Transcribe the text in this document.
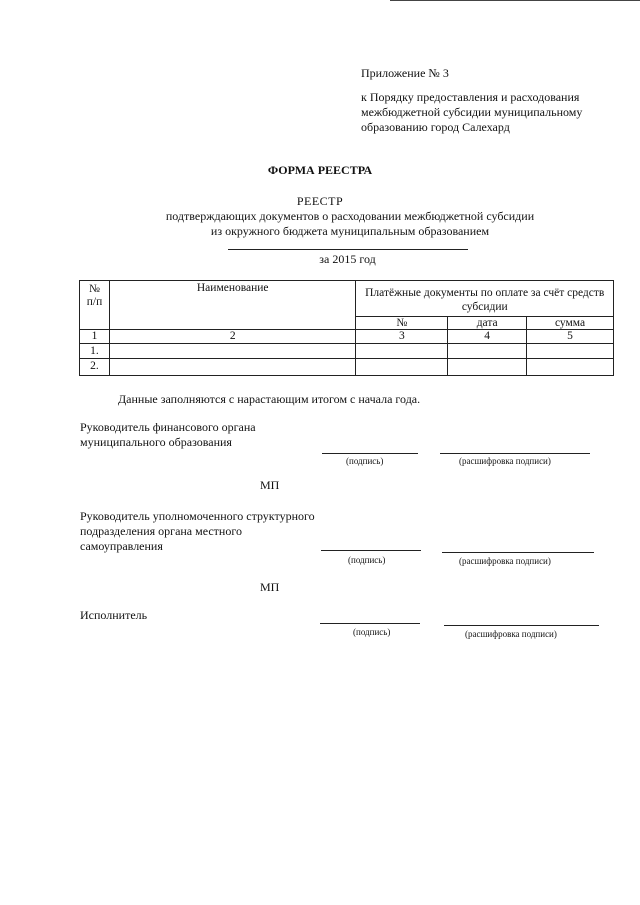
Приложение № 3
к Порядку предоставления и расходования
межбюджетной субсидии муниципальному
образованию город Салехард
ФОРМА РЕЕСТРА
РЕЕСТР
подтверждающих документов о расходовании межбюджетной субсидии
из окружного бюджета муниципальным образованием
за 2015 год
№ п/п	Наименование	Платёжные документы по оплате за счёт средств субсидии		
		№	дата	сумма
1	2	3	4	5
1.				
2.				
Данные заполняются с нарастающим итогом с начала года.
Руководитель финансового органа
муниципального образования
(подпись)	(расшифровка подписи)
МП
Руководитель уполномоченного структурного
подразделения органа местного
самоуправления
(подпись)	(расшифровка подписи)
МП
Исполнитель
(подпись)	(расшифровка подписи)
